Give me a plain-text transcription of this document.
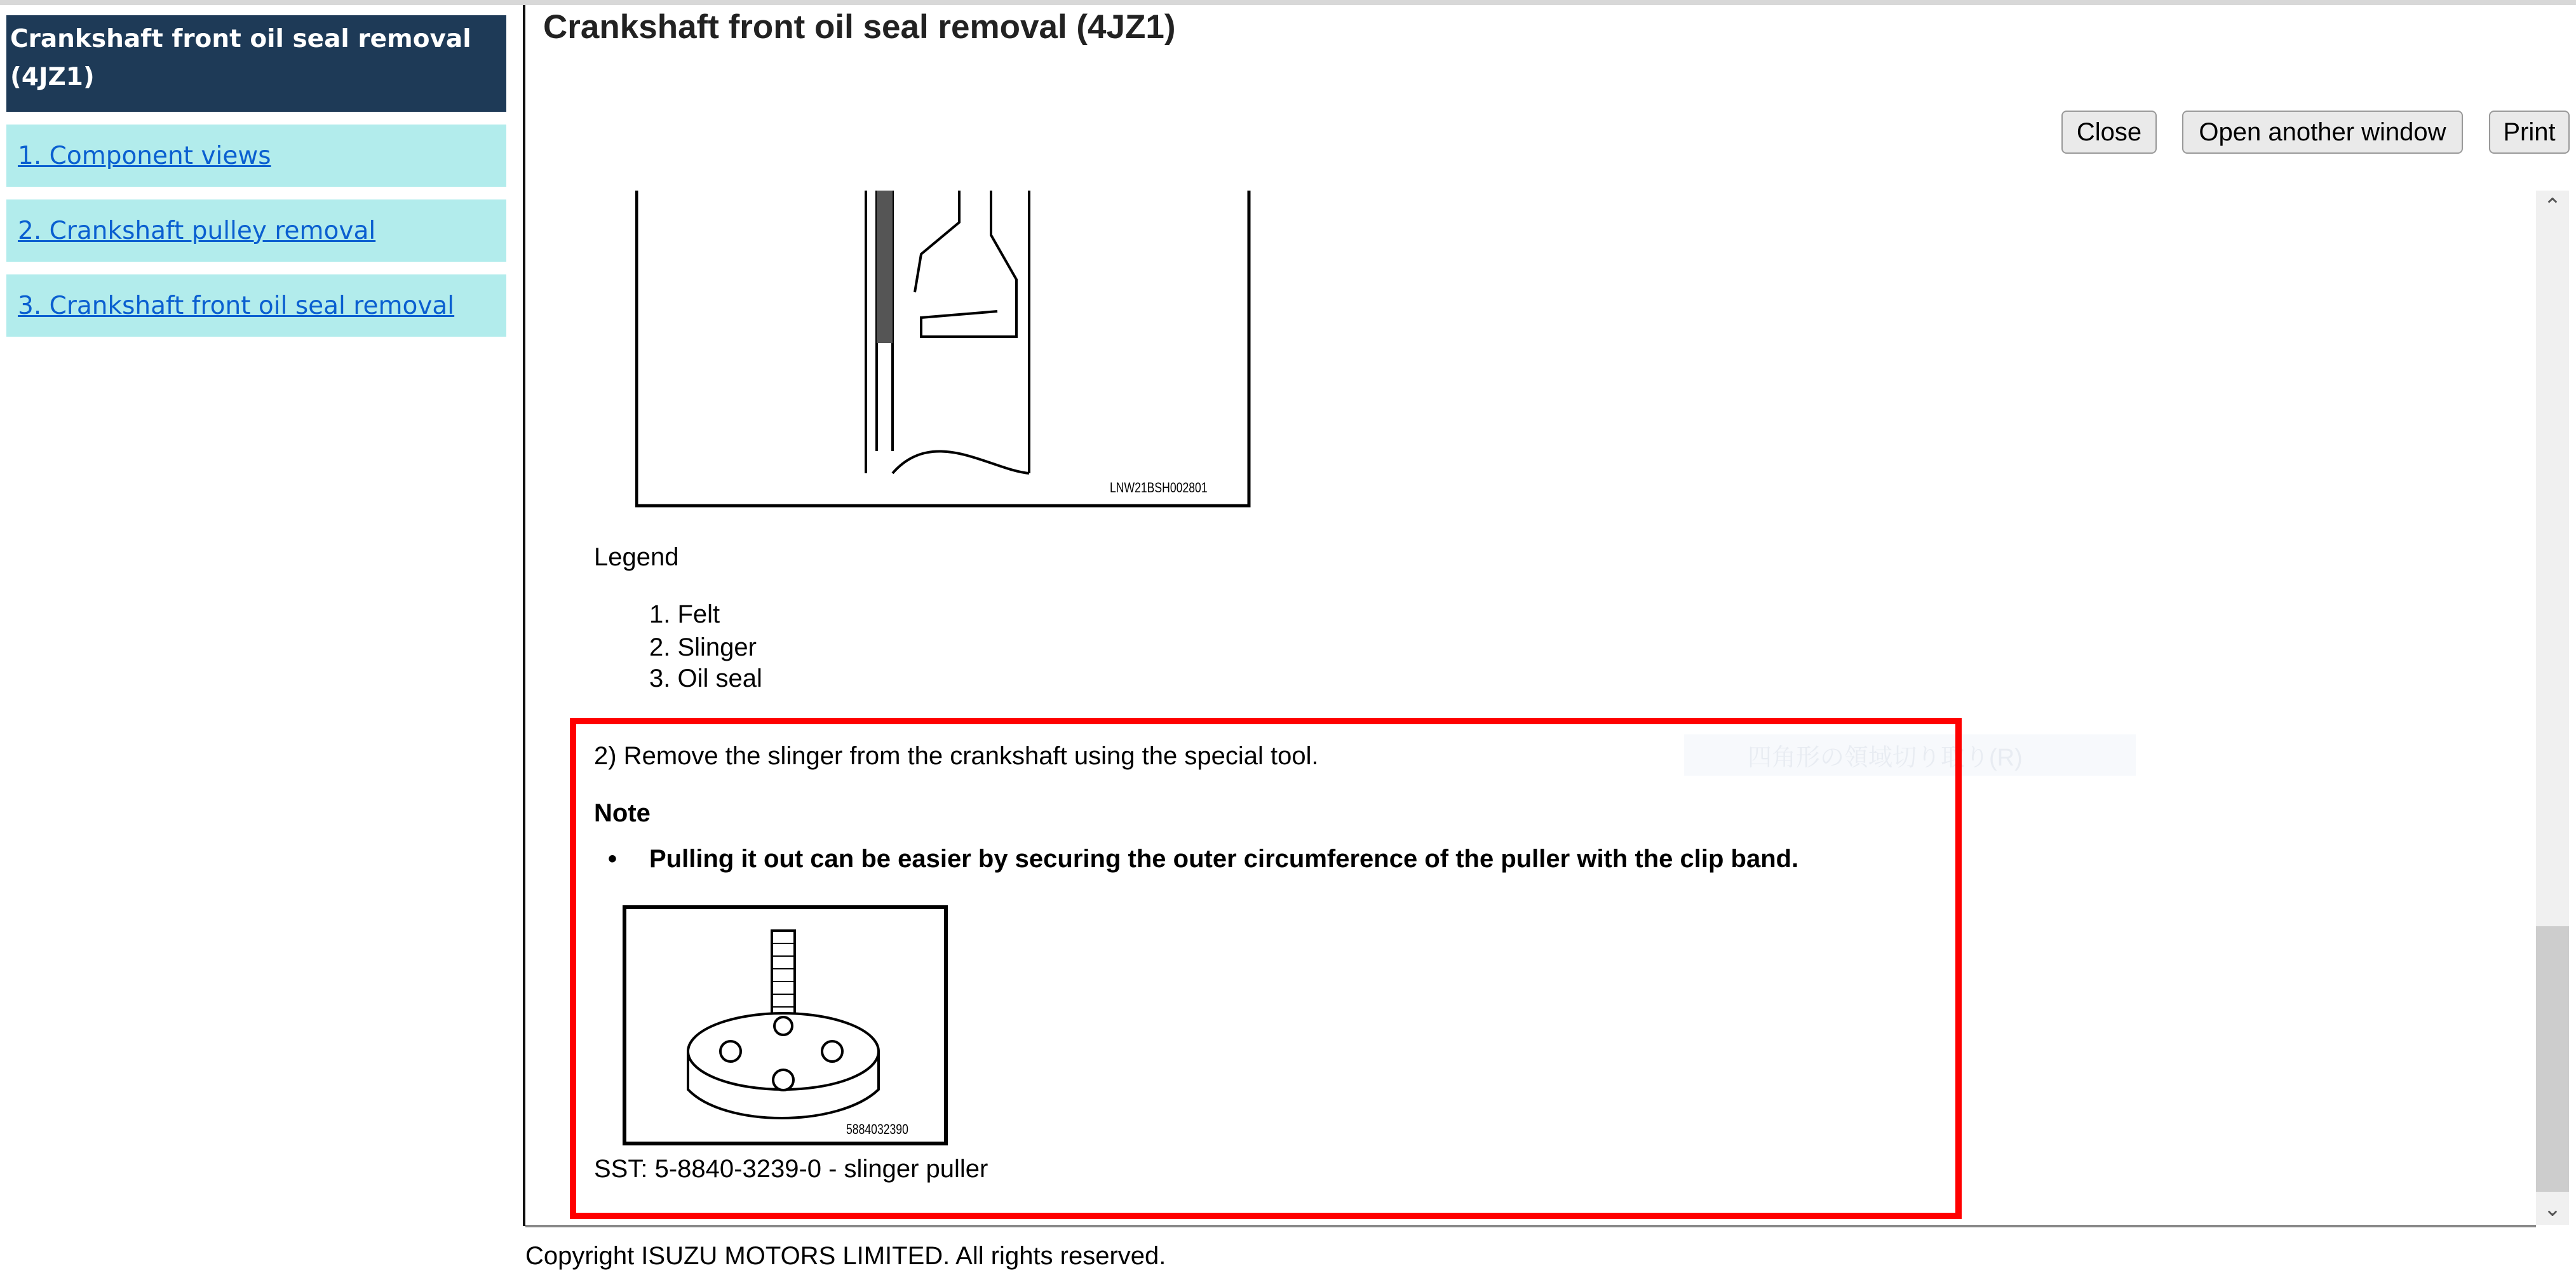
Crankshaft front oil seal removal (4JZ1)
1. Component views
2. Crankshaft pulley removal
3. Crankshaft front oil seal removal
Crankshaft front oil seal removal (4JZ1)
Close	Open another window	Print
LNW21BSH002801
Legend
1. Felt
2. Slinger
3. Oil seal
四角形の領域切り取り(R)
2) Remove the slinger from the crankshaft using the special tool.
Note
• Pulling it out can be easier by securing the outer circumference of the puller with the clip band.
5884032390
SST: 5-8840-3239-0 - slinger puller
⌃
⌄
Copyright ISUZU MOTORS LIMITED. All rights reserved.
